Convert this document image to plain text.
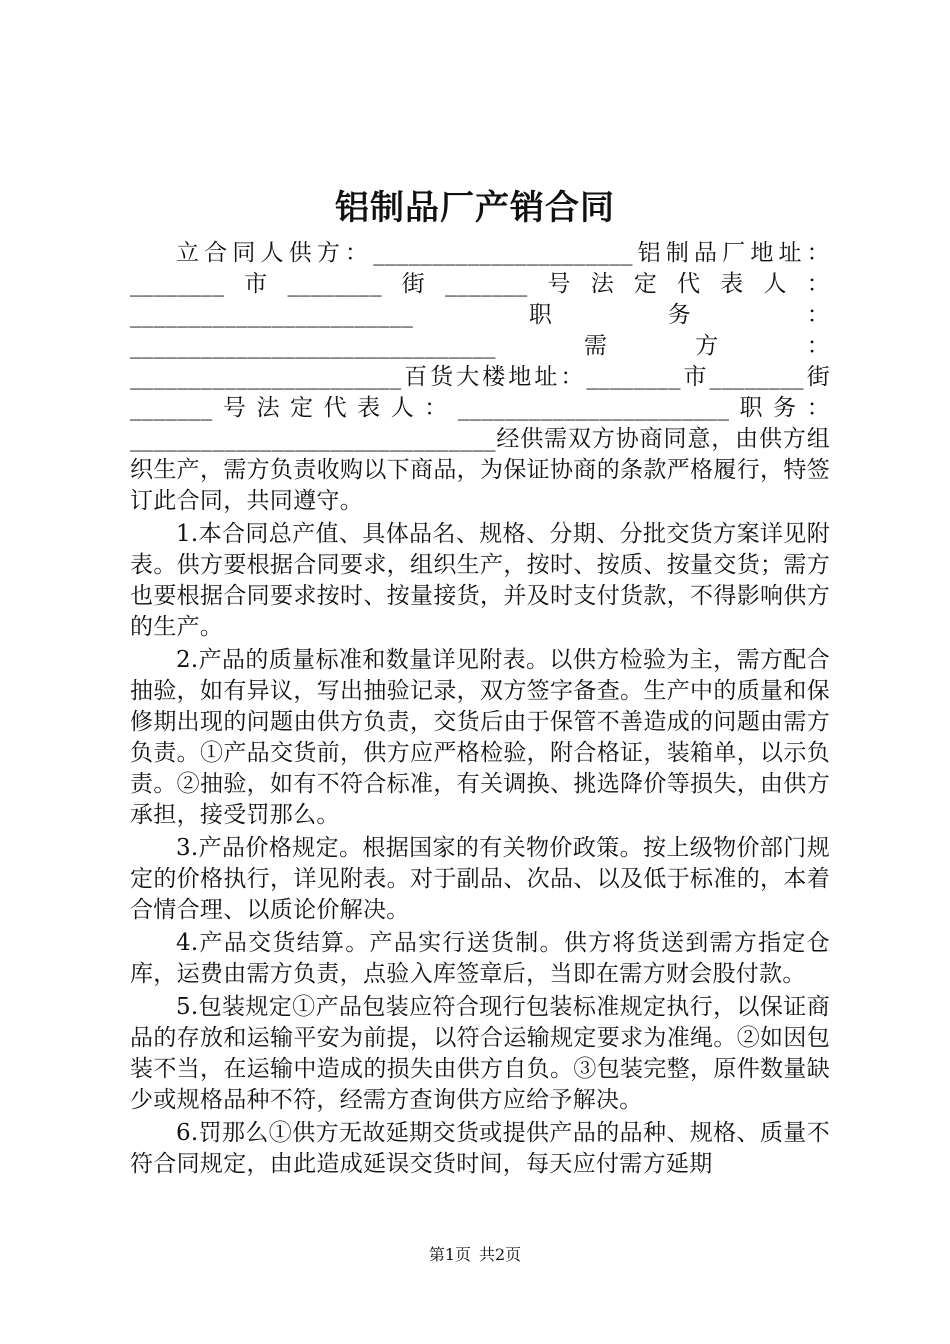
铝制品厂产销合同

立合同人供方：______________________铝制品厂地址：________市________街_______号法定代表人：________________________职务：_______________________________需方：_______________________百货大楼地址：________市________街_______号法定代表人：_______________________职务：_______________________________经供需双方协商同意，由供方组织生产，需方负责收购以下商品，为保证协商的条款严格履行，特签订此合同，共同遵守。

1.本合同总产值、具体品名、规格、分期、分批交货方案详见附表。供方要根据合同要求，组织生产，按时、按质、按量交货；需方也要根据合同要求按时、按量接货，并及时支付货款，不得影响供方的生产。

2.产品的质量标准和数量详见附表。以供方检验为主，需方配合抽验，如有异议，写出抽验记录，双方签字备查。生产中的质量和保修期出现的问题由供方负责，交货后由于保管不善造成的问题由需方负责。①产品交货前，供方应严格检验，附合格证，装箱单，以示负责。②抽验，如有不符合标准，有关调换、挑选降价等损失，由供方承担，接受罚那么。

3.产品价格规定。根据国家的有关物价政策。按上级物价部门规定的价格执行，详见附表。对于副品、次品、以及低于标准的，本着合情合理、以质论价解决。

4.产品交货结算。产品实行送货制。供方将货送到需方指定仓库，运费由需方负责，点验入库签章后，当即在需方财会股付款。

5.包装规定①产品包装应符合现行包装标准规定执行，以保证商品的存放和运输平安为前提，以符合运输规定要求为准绳。②如因包装不当，在运输中造成的损失由供方自负。③包装完整，原件数量缺少或规格品种不符，经需方查询供方应给予解决。

6.罚那么①供方无故延期交货或提供产品的品种、规格、质量不符合同规定，由此造成延误交货时间，每天应付需方延期

第1页 共2页
